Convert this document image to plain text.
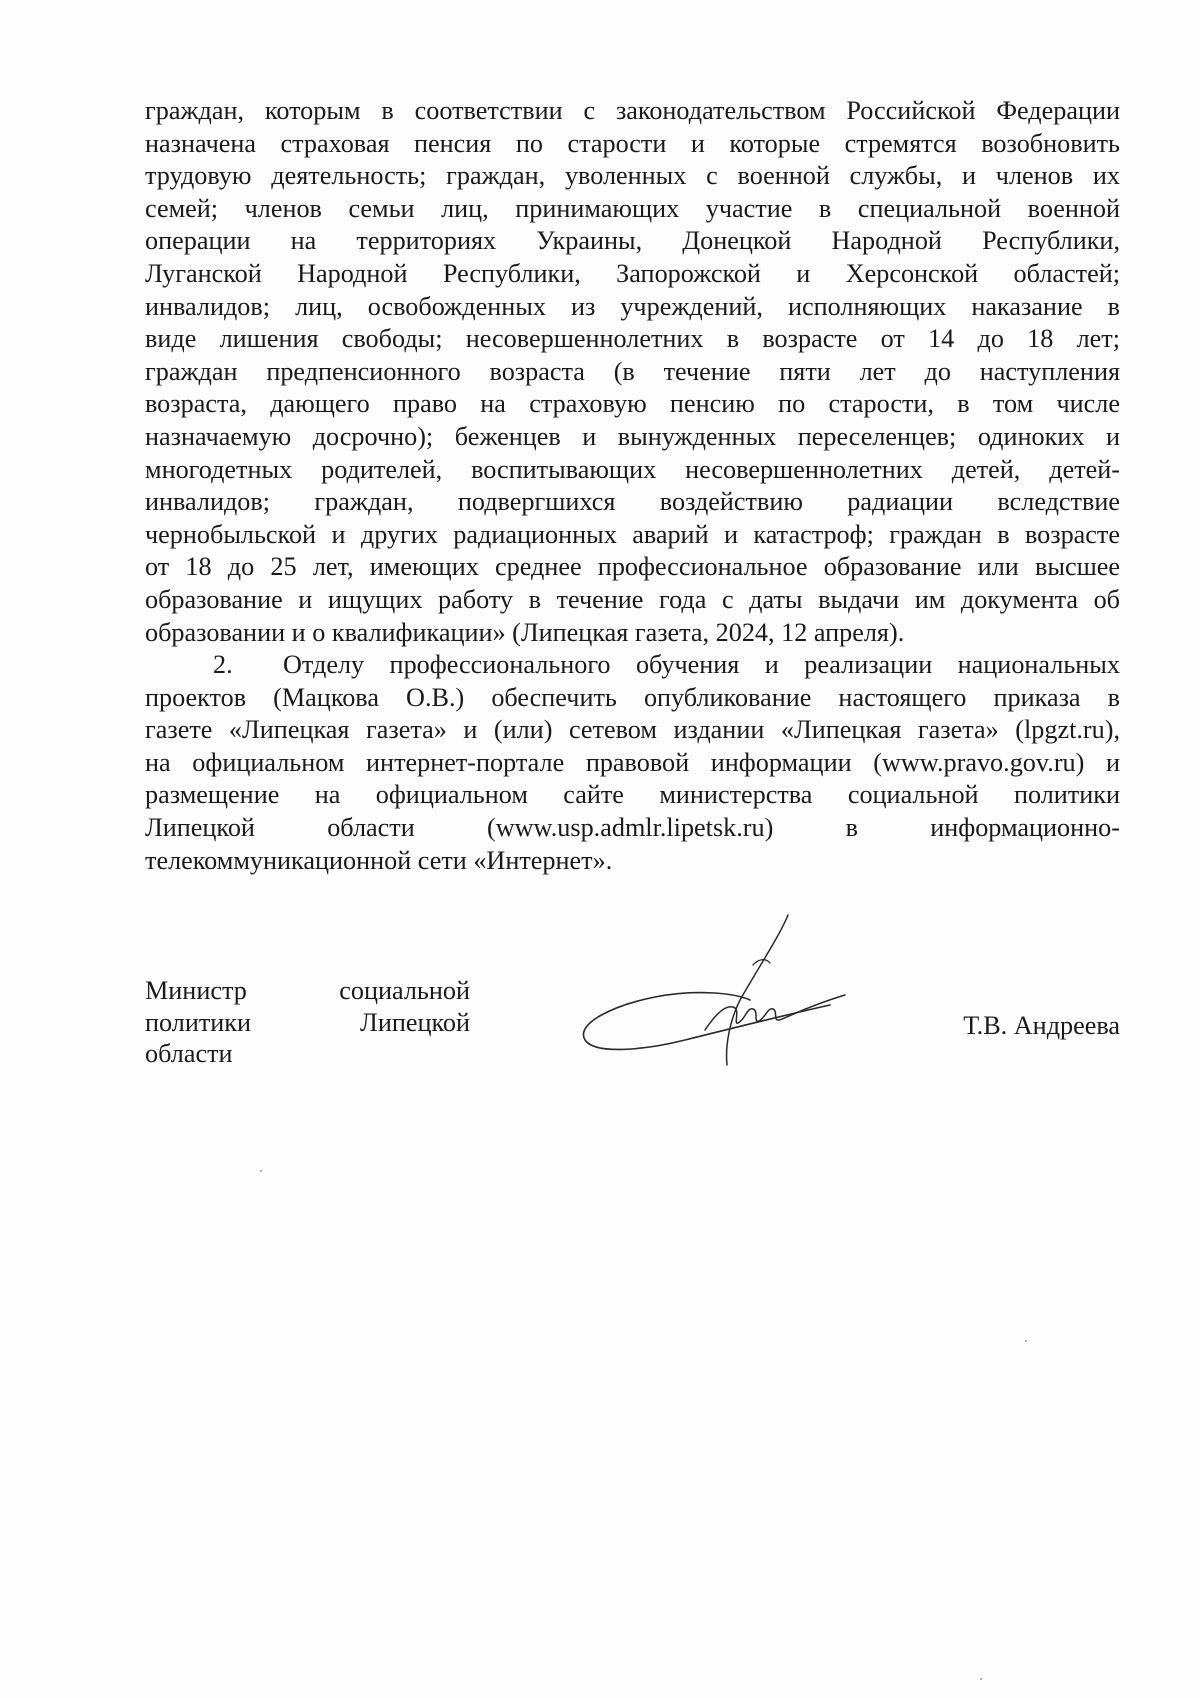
граждан, которым в соответствии с законодательством Российской Федерации
назначена страховая пенсия по старости и которые стремятся возобновить
трудовую деятельность; граждан, уволенных с военной службы, и членов их
семей; членов семьи лиц, принимающих участие в специальной военной
операции на территориях Украины, Донецкой Народной Республики,
Луганской Народной Республики, Запорожской и Херсонской областей;
инвалидов; лиц, освобожденных из учреждений, исполняющих наказание в
виде лишения свободы; несовершеннолетних в возрасте от 14 до 18 лет;
граждан предпенсионного возраста (в течение пяти лет до наступления
возраста, дающего право на страховую пенсию по старости, в том числе
назначаемую досрочно); беженцев и вынужденных переселенцев; одиноких и
многодетных родителей, воспитывающих несовершеннолетних детей, детей-
инвалидов; граждан, подвергшихся воздействию радиации вследствие
чернобыльской и других радиационных аварий и катастроф; граждан в возрасте
от 18 до 25 лет, имеющих среднее профессиональное образование или высшее
образование и ищущих работу в течение года с даты выдачи им документа об
образовании и о квалификации» (Липецкая газета, 2024, 12 апреля).
2. Отделу профессионального обучения и реализации национальных
проектов (Мацкова О.В.) обеспечить опубликование настоящего приказа в
газете «Липецкая газета» и (или) сетевом издании «Липецкая газета» (lpgzt.ru),
на официальном интернет-портале правовой информации (www.pravo.gov.ru) и
размещение на официальном сайте министерства социальной политики
Липецкой области (www.usp.admlr.lipetsk.ru) в информационно-
телекоммуникационной сети «Интернет».
Министр социальной
политики Липецкой
области
Т.В. Андреева
